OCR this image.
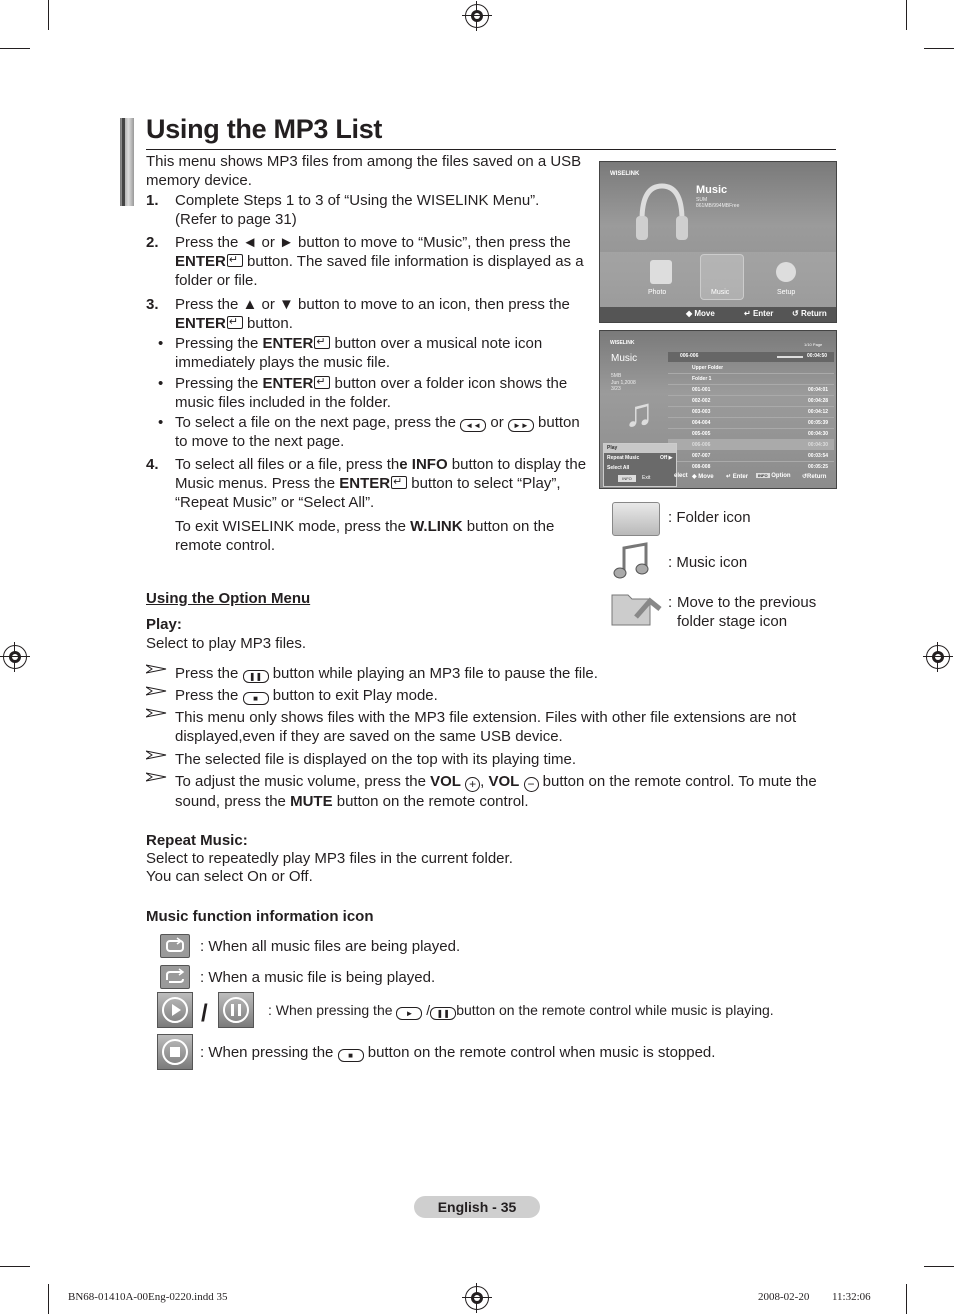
Using the MP3 List
This menu shows MP3 files from among the files saved on a USB memory device.
1. Complete Steps 1 to 3 of “Using the WISELINK Menu”.
(Refer to page 31)
2. Press the ◄ or ► button to move to “Music”, then press the ENTER↵ button. The saved file information is displayed as a folder or file.
3. Press the ▲ or ▼ button to move to an icon, then press the ENTER↵ button.
• Pressing the ENTER↵ button over a musical note icon immediately plays the music file.
• Pressing the ENTER↵ button over a folder icon shows the music files included in the folder.
• To select a file on the next page, press the ◄◄ or ►► button to move to the next page.
4. To select all files or a file, press the INFO button to display the Music menus. Press the ENTER↵ button to select “Play”, “Repeat Music” or “Select All”.
To exit WISELINK mode, press the W.LINK button on the remote control.
WISELINK
Music
SUM
861MB/994MBFree
Photo	Music	Setup
◆ Move	↵ Enter ↺ Return
WISELINK	1/10 Page
Music
5MB
Jun 1,2008
3/23
♫
006-006	00:04:50
Upper Folder
Folder 1
001-001	00:04:01
002-002	00:04:28
003-003	00:04:12
004-004	00:05:39
005-005	00:04:30
006-006	00:04:30
007-007	00:03:54
008-008	00:05:25
Play
Repeat Music	Off ▶
Select All
INFO	Exit	elect ◆ Move ↵ Enter	INFO Option ↺Return
: Folder icon
: Music icon
: Move to the previous folder stage icon
Using the Option Menu
Play:
Select to play MP3 files.
Press the ❚❚ button while playing an MP3 file to pause the file.
Press the ■ button to exit Play mode.
This menu only shows files with the MP3 file extension. Files with other file extensions are not displayed,even if they are saved on the same USB device.
The selected file is displayed on the top with its playing time.
To adjust the music volume, press the VOL + , VOL − button on the remote control. To mute the sound, press the MUTE button on the remote control.
Repeat Music:
Select to repeatedly play MP3 files in the current folder.
You can select On or Off.
Music function information icon
: When all music files are being played.
: When a music file is being played.
/	: When pressing the ► / ❚❚ button on the remote control while music is playing.
: When pressing the ■ button on the remote control when music is stopped.
English - 35
BN68-01410A-00Eng-0220.indd 35	2008-02-20 ￿￿ 11:32:06
